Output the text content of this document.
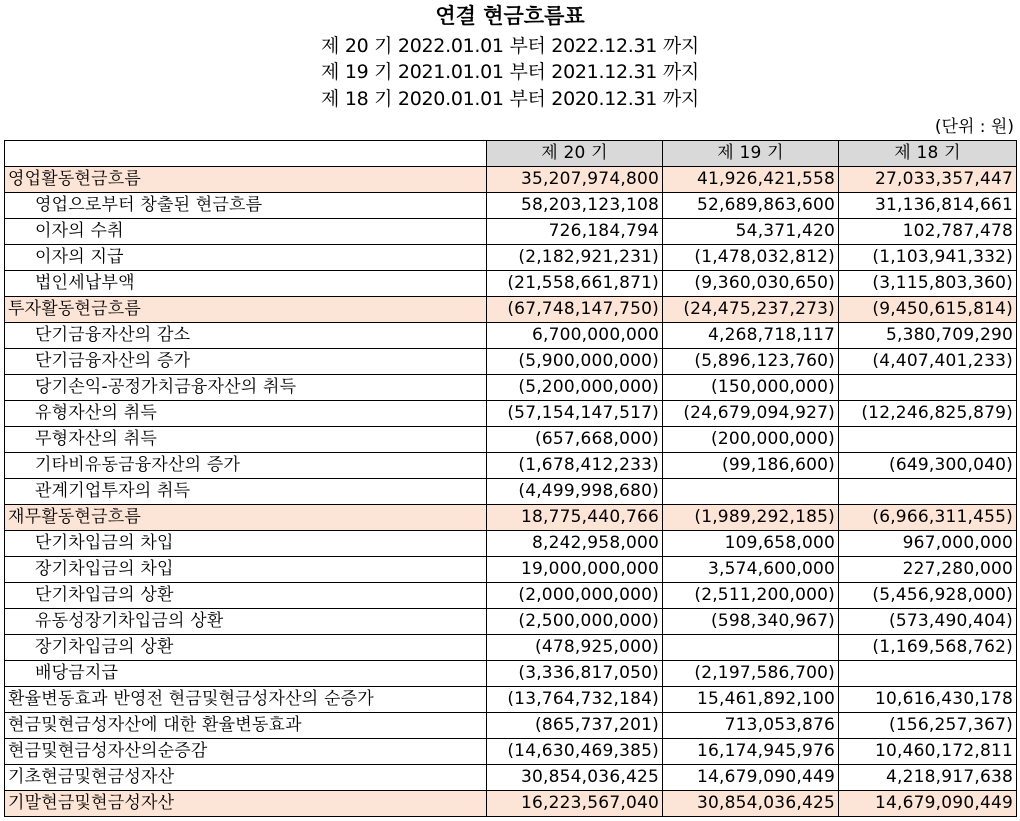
연결 현금흐름표
제 20 기 2022.01.01 부터 2022.12.31 까지
제 19 기 2021.01.01 부터 2021.12.31 까지
제 18 기 2020.01.01 부터 2020.12.31 까지
(단위 : 원)
	제 20 기	제 19 기	제 18 기
영업활동현금흐름	35,207,974,800	41,926,421,558	27,033,357,447
영업으로부터 창출된 현금흐름	58,203,123,108	52,689,863,600	31,136,814,661
이자의 수취	726,184,794	54,371,420	102,787,478
이자의 지급	(2,182,921,231)	(1,478,032,812)	(1,103,941,332)
법인세납부액	(21,558,661,871)	(9,360,030,650)	(3,115,803,360)
투자활동현금흐름	(67,748,147,750)	(24,475,237,273)	(9,450,615,814)
단기금융자산의 감소	6,700,000,000	4,268,718,117	5,380,709,290
단기금융자산의 증가	(5,900,000,000)	(5,896,123,760)	(4,407,401,233)
당기손익-공정가치금융자산의 취득	(5,200,000,000)	(150,000,000)	
유형자산의 취득	(57,154,147,517)	(24,679,094,927)	(12,246,825,879)
무형자산의 취득	(657,668,000)	(200,000,000)	
기타비유동금융자산의 증가	(1,678,412,233)	(99,186,600)	(649,300,040)
관계기업투자의 취득	(4,499,998,680)		
재무활동현금흐름	18,775,440,766	(1,989,292,185)	(6,966,311,455)
단기차입금의 차입	8,242,958,000	109,658,000	967,000,000
장기차입금의 차입	19,000,000,000	3,574,600,000	227,280,000
단기차입금의 상환	(2,000,000,000)	(2,511,200,000)	(5,456,928,000)
유동성장기차입금의 상환	(2,500,000,000)	(598,340,967)	(573,490,404)
장기차입금의 상환	(478,925,000)		(1,169,568,762)
배당금지급	(3,336,817,050)	(2,197,586,700)	
환율변동효과 반영전 현금및현금성자산의 순증가	(13,764,732,184)	15,461,892,100	10,616,430,178
현금및현금성자산에 대한 환율변동효과	(865,737,201)	713,053,876	(156,257,367)
현금및현금성자산의순증감	(14,630,469,385)	16,174,945,976	10,460,172,811
기초현금및현금성자산	30,854,036,425	14,679,090,449	4,218,917,638
기말현금및현금성자산	16,223,567,040	30,854,036,425	14,679,090,449
